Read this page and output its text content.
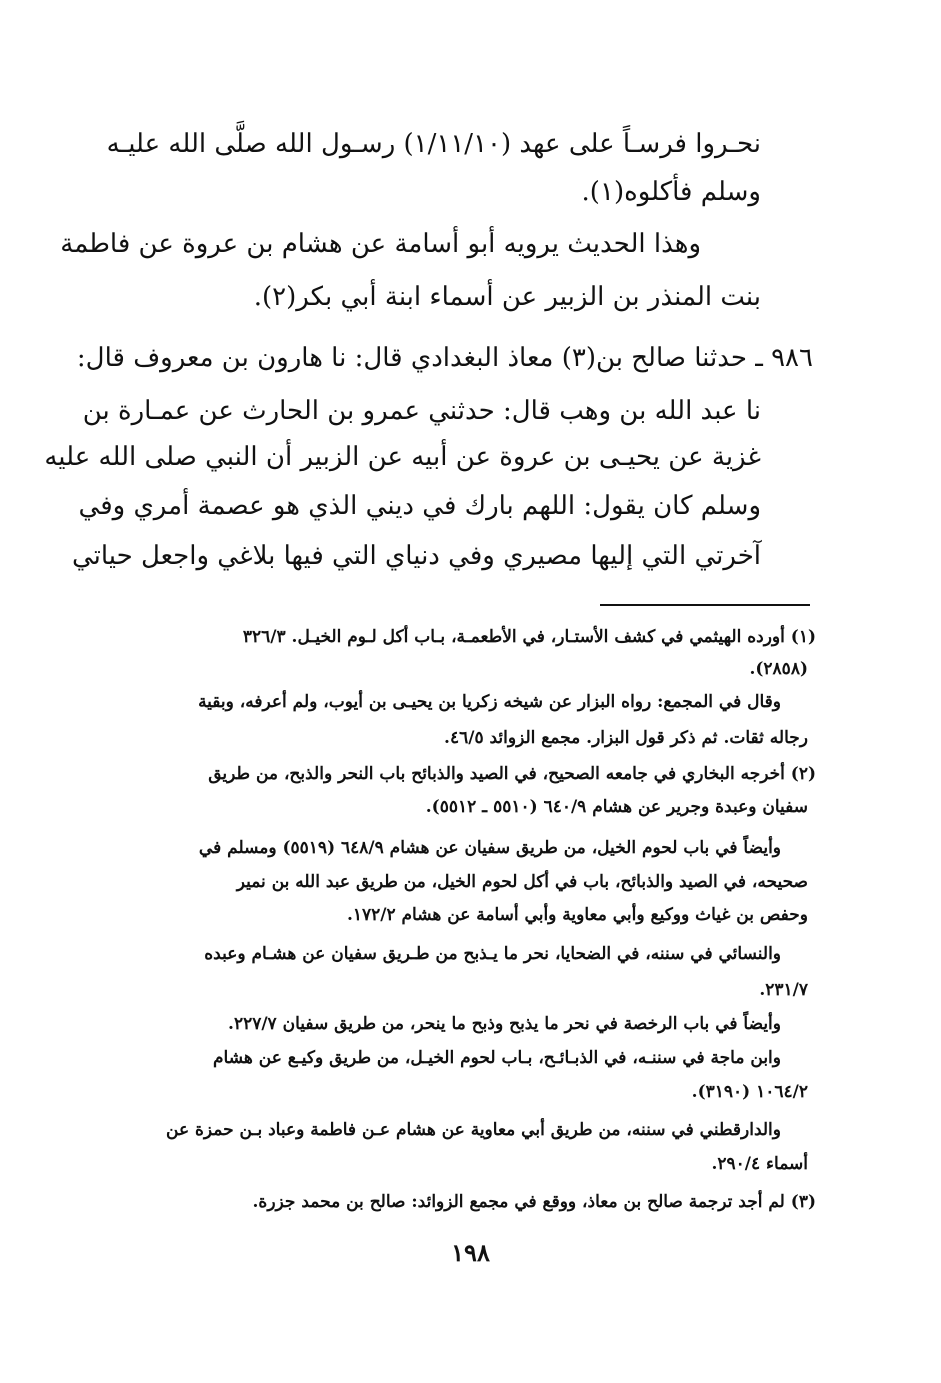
نحـروا فرسـاً على عهد (١/١١/١٠) رسـول الله صلَّى الله عليـه
وسلم فأكلوه(١).
وهذا الحديث يرويه أبو أسامة عن هشام بن عروة عن فاطمة
بنت المنذر بن الزبير عن أسماء ابنة أبي بكر(٢).
٩٨٦ ـ حدثنا صالح بن(٣) معاذ البغدادي قال: نا هارون بن معروف قال:
نا عبد الله بن وهب قال: حدثني عمرو بن الحارث عن عمـارة بن
غزية عن يحيـى بن عروة عن أبيه عن الزبير أن النبي صلى الله عليه
وسلم كان يقول: اللهم بارك في ديني الذي هو عصمة أمري وفي
آخرتي التي إليها مصيري وفي دنياي التي فيها بلاغي واجعل حياتي
(١) أورده الهيثمي في كشف الأستـار، في الأطعمـة، بـاب أكل لـوم الخيـل. ٣٢٦/٣
(٢٨٥٨).
وقال في المجمع: رواه البزار عن شيخه زكريا بن يحيـى بن أيوب، ولم أعرفه، وبقية
رجاله ثقات. ثم ذكر قول البزار. مجمع الزوائد ٤٦/٥.
(٢) أخرجه البخاري في جامعه الصحيح، في الصيد والذبائح باب النحر والذبح، من طريق
سفيان وعبدة وجرير عن هشام ٦٤٠/٩ (٥٥١٠ ـ ٥٥١٢).
وأيضاً في باب لحوم الخيل، من طريق سفيان عن هشام ٦٤٨/٩ (٥٥١٩) ومسلم في
صحيحه، في الصيد والذبائح، باب في أكل لحوم الخيل، من طريق عبد الله بن نمير
وحفص بن غياث ووكيع وأبي معاوية وأبي أسامة عن هشام ١٧٢/٢.
والنسائي في سننه، في الضحايا، نحر ما يـذبح من طـريق سفيان عن هشـام وعبده
٢٣١/٧.
وأيضاً في باب الرخصة في نحر ما يذبح وذبح ما ينحر، من طريق سفيان ٢٢٧/٧.
وابن ماجة في سننـه، في الذبـائـح، بـاب لحوم الخيـل، من طريق وكيـع عن هشام
١٠٦٤/٢ (٣١٩٠).
والدارقطني في سننه، من طريق أبي معاوية عن هشام عـن فاطمة وعباد بـن حمزة عن
أسماء ٢٩٠/٤.
(٣) لم أجد ترجمة صالح بن معاذ، ووقع في مجمع الزوائد: صالح بن محمد جزرة.
١٩٨
